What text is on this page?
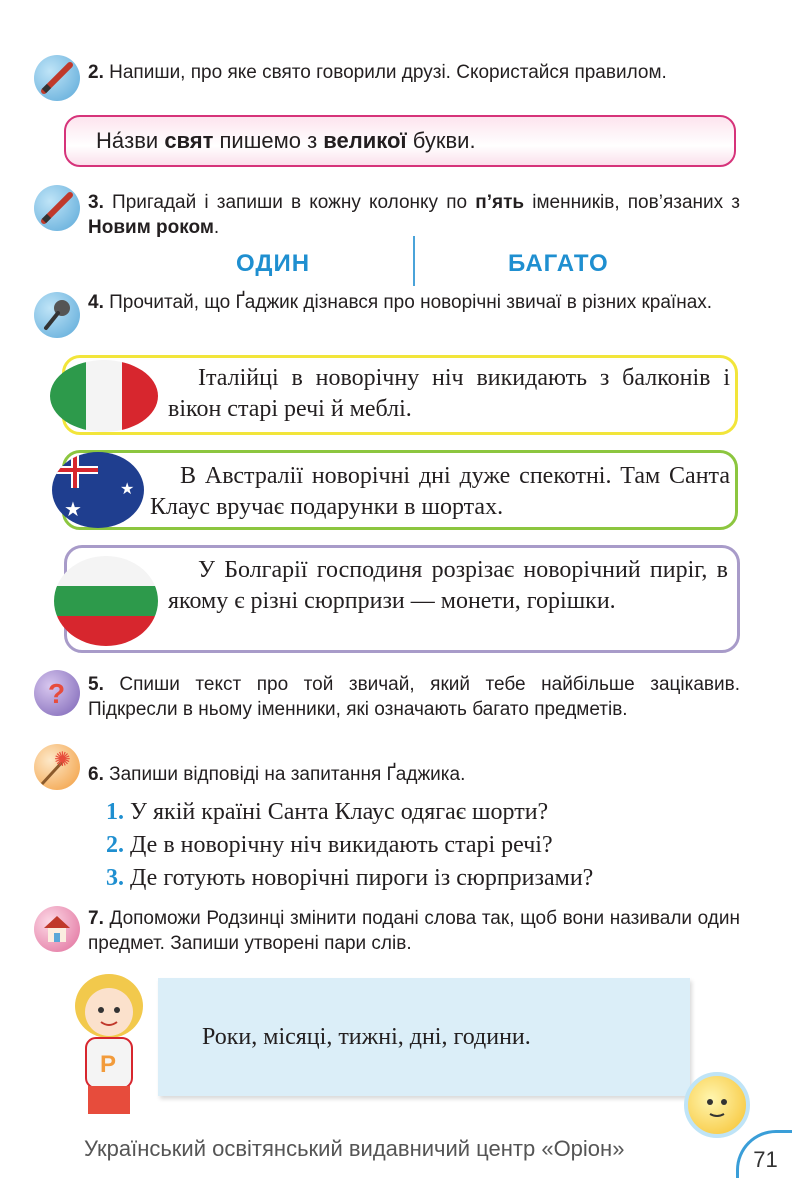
2. Напиши, про яке свято говорили друзі. Скористайся правилом.

На́зви свят пишемо з великої букви.

3. Пригадай і запиши в кожну колонку по п’ять іменників, пов’язаних з Новим роком.

ОДИН	БАГАТО

4. Прочитай, що Ґаджик дізнався про новорічні звичаї в різних країнах.

Італійці в новорічну ніч викидають з балконів і вікон старі речі й меблі.

★
★

В Австралії новорічні дні дуже спекотні. Там Санта Клаус вручає подарунки в шортах.

У Болгарії господиня розрізає новорічний пиріг, в якому є різні сюрпризи — монети, горішки.

? 5. Спиши текст про той звичай, який тебе найбільше зацікавив. Підкресли в ньому іменники, які означають багато предметів.

✺

6. Запиши відповіді на запитання Ґаджика.

1. У якій країні Санта Клаус одягає шорти?
2. Де в новорічну ніч викидають старі речі?
3. Де готують новорічні пироги із сюрпризами?

7. Допоможи Родзинці змінити подані слова так, щоб вони називали один предмет. Запиши утворені пари слів.

P
Роки, місяці, тижні, дні, години.
Український освітянський видавничий центр «Оріон»	71
